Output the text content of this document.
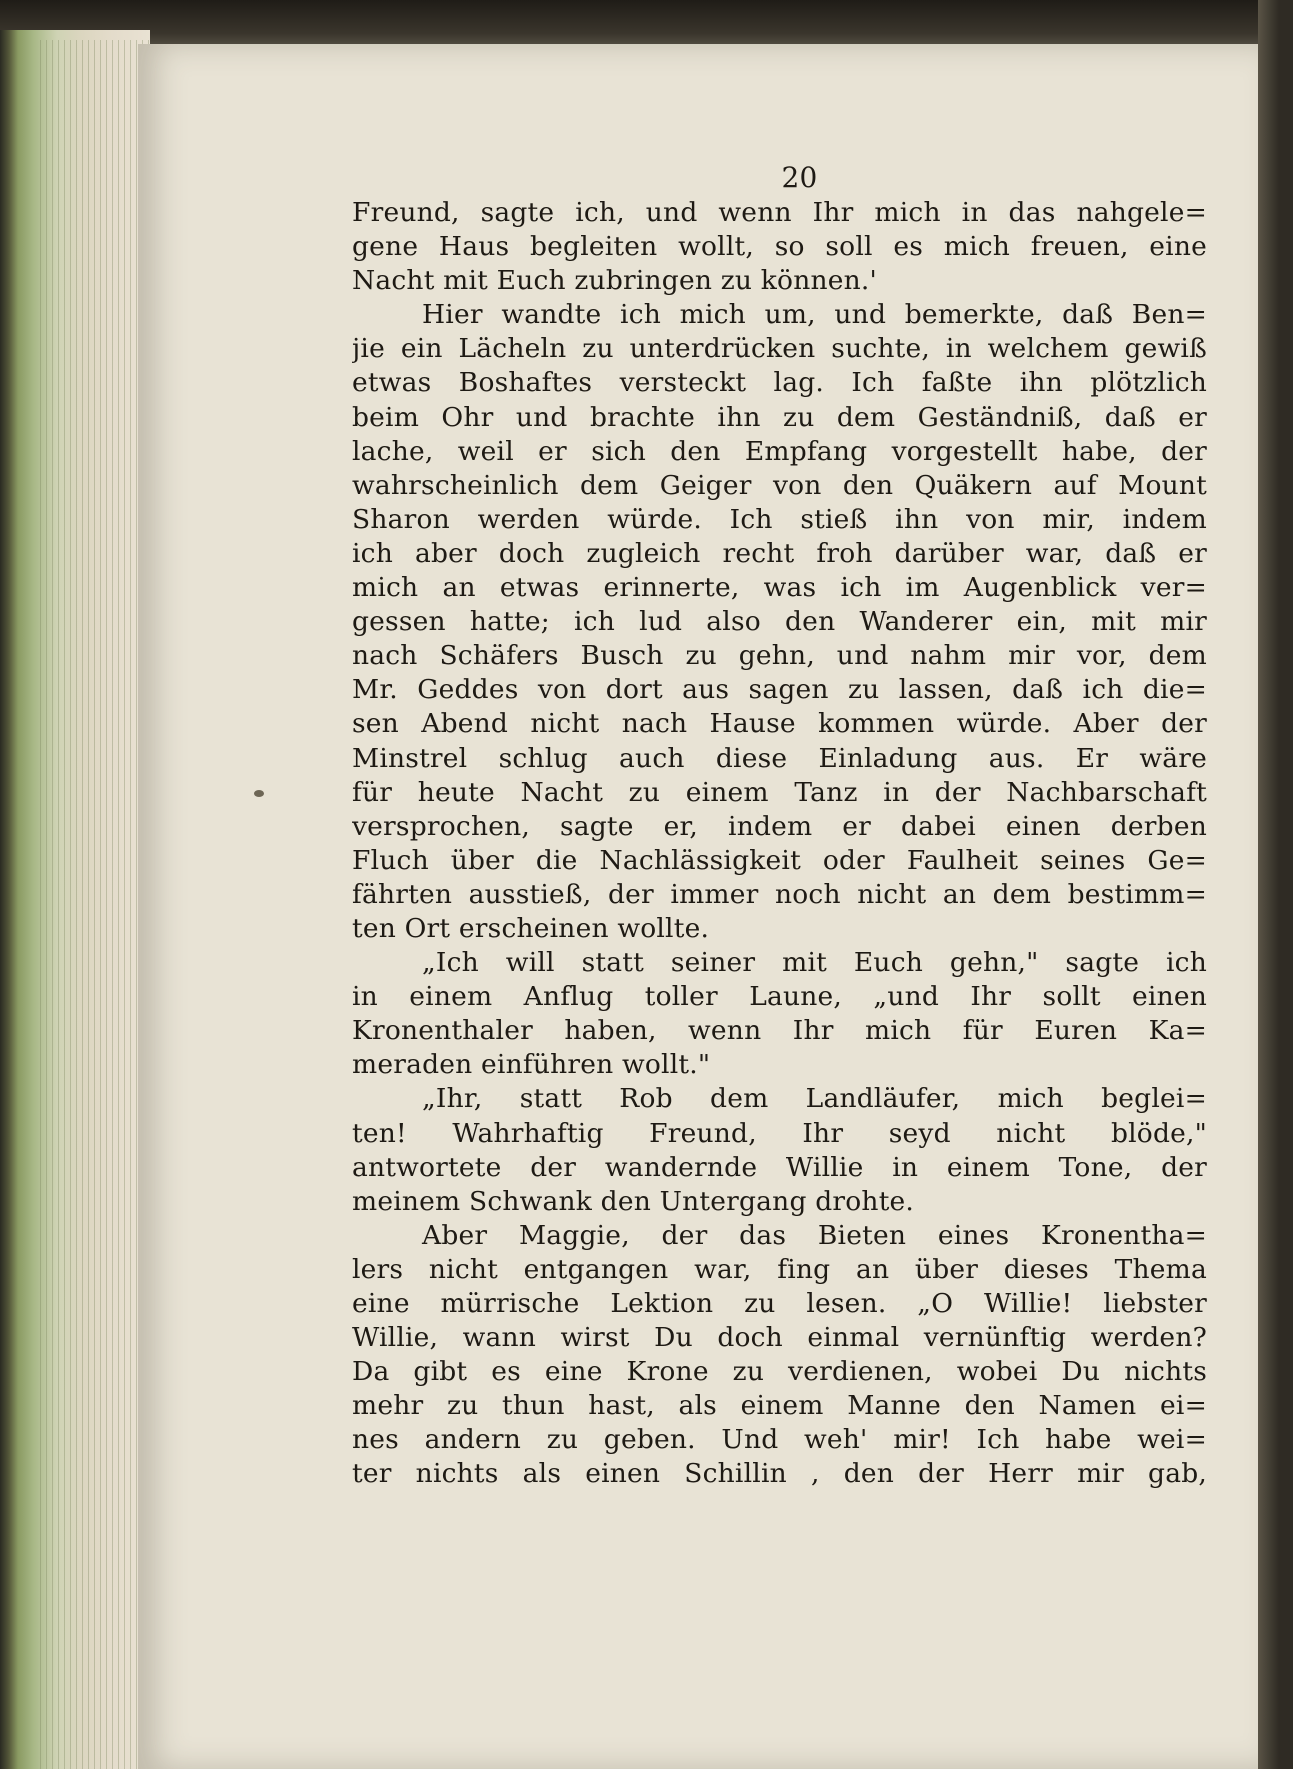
20
Freund, sagte ich, und wenn Ihr mich in das nahgele=
gene Haus begleiten wollt, so soll es mich freuen, eine
Nacht mit Euch zubringen zu können.'
Hier wandte ich mich um, und bemerkte, daß Ben=
jie ein Lächeln zu unterdrücken suchte, in welchem gewiß
etwas Boshaftes versteckt lag. Ich faßte ihn plötzlich
beim Ohr und brachte ihn zu dem Geständniß, daß er
lache, weil er sich den Empfang vorgestellt habe, der
wahrscheinlich dem Geiger von den Quäkern auf Mount
Sharon werden würde. Ich stieß ihn von mir, indem
ich aber doch zugleich recht froh darüber war, daß er
mich an etwas erinnerte, was ich im Augenblick ver=
gessen hatte; ich lud also den Wanderer ein, mit mir
nach Schäfers Busch zu gehn, und nahm mir vor, dem
Mr. Geddes von dort aus sagen zu lassen, daß ich die=
sen Abend nicht nach Hause kommen würde. Aber der
Minstrel schlug auch diese Einladung aus. Er wäre
für heute Nacht zu einem Tanz in der Nachbarschaft
versprochen, sagte er, indem er dabei einen derben
Fluch über die Nachlässigkeit oder Faulheit seines Ge=
fährten ausstieß, der immer noch nicht an dem bestimm=
ten Ort erscheinen wollte.
„Ich will statt seiner mit Euch gehn," sagte ich
in einem Anflug toller Laune, „und Ihr sollt einen
Kronenthaler haben, wenn Ihr mich für Euren Ka=
meraden einführen wollt."
„Ihr, statt Rob dem Landläufer, mich beglei=
ten! Wahrhaftig Freund, Ihr seyd nicht blöde,"
antwortete der wandernde Willie in einem Tone, der
meinem Schwank den Untergang drohte.
Aber Maggie, der das Bieten eines Kronentha=
lers nicht entgangen war, fing an über dieses Thema
eine mürrische Lektion zu lesen. „O Willie! liebster
Willie, wann wirst Du doch einmal vernünftig werden?
Da gibt es eine Krone zu verdienen, wobei Du nichts
mehr zu thun hast, als einem Manne den Namen ei=
nes andern zu geben. Und weh' mir! Ich habe wei=
ter nichts als einen Schillin , den der Herr mir gab,
